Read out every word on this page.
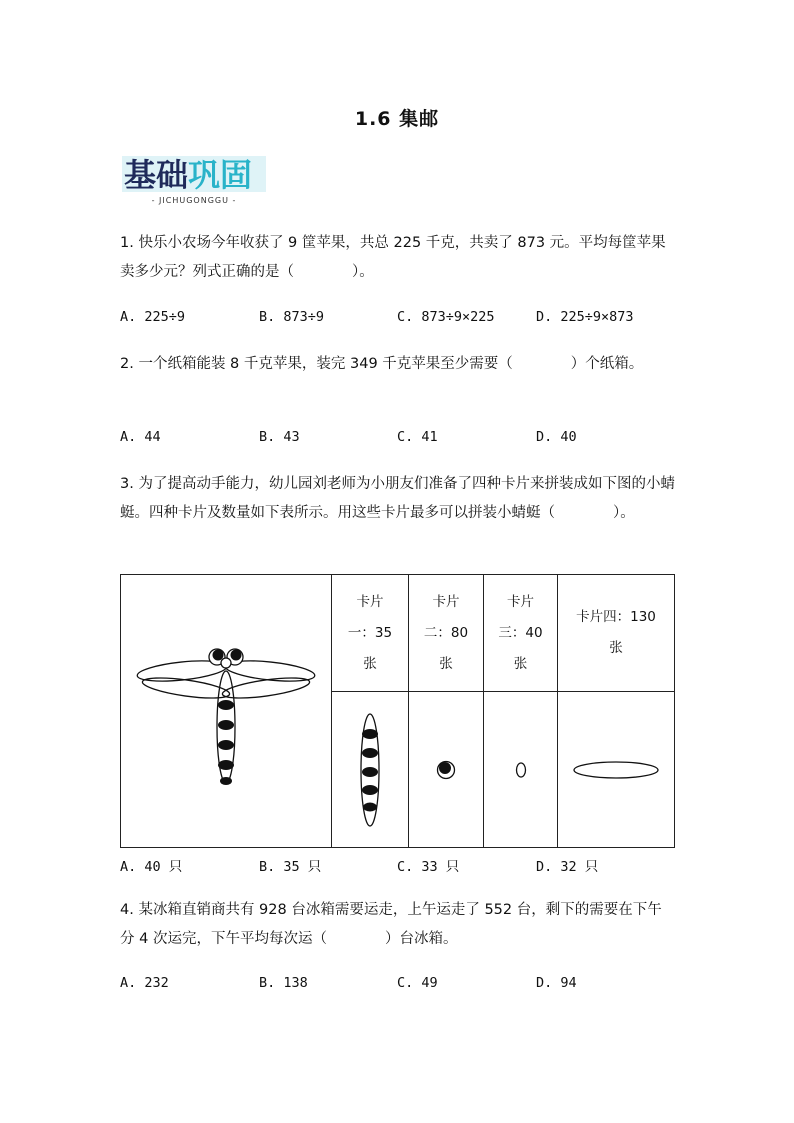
1.6 集邮
基础巩固
- JICHUGONGGU -
1. 快乐小农场今年收获了 9 筐苹果，共总 225 千克，共卖了 873 元。平均每筐苹果卖多少元？列式正确的是（　　　　）。
A. 225÷9	B. 873÷9	C. 873÷9×225	D. 225÷9×873
2. 一个纸箱能装 8 千克苹果，装完 349 千克苹果至少需要（　　　　）个纸箱。
A. 44	B. 43	C. 41	D. 40
3. 为了提高动手能力，幼儿园刘老师为小朋友们准备了四种卡片来拼装成如下图的小蜻蜓。四种卡片及数量如下表所示。用这些卡片最多可以拼装小蜻蜓（　　　　）。

卡片
一：35
张	卡片
二：80
张	卡片
三：40
张	卡片四：130
张

A. 40 只	B. 35 只	C. 33 只	D. 32 只
4. 某冰箱直销商共有 928 台冰箱需要运走，上午运走了 552 台，剩下的需要在下午分 4 次运完，下午平均每次运（　　　　）台冰箱。
A. 232	B. 138	C. 49	D. 94
